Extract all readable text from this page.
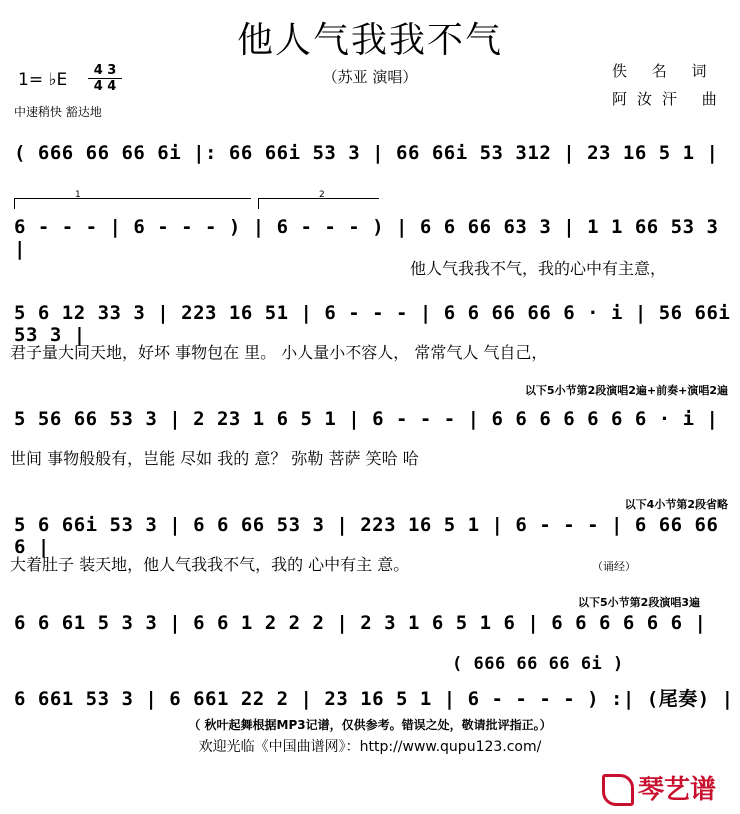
他人气我我不气
（苏亚 演唱）
1= ♭E	4 3
4 4
中速稍快 豁达地
佚 名 词
阿汝汗 曲
( 666 66 66 6i |: 66 66i 53 3 | 66 66i 53 312 | 23 16 5 1 |
1	2
6 - - - | 6 - - - ) | 6 - - - ) | 6 6 66 63 3 | 1 1 66 53 3 |
他人气我我不气，我的心中有主意，
5 6 12 33 3 | 223 16 51 | 6 - - - | 6 6 66 66 6 · i | 56 66i 53 3 |
君子量大同天地，好坏 事物包在 里。 小人量小不容人， 常常气人 气自己，
以下5小节第2段演唱2遍+前奏+演唱2遍
5 56 66 53 3 | 2 23 1 6 5 1 | 6 - - - | 6 6 6 6 6 6 6 · i |
世间 事物般般有，岂能 尽如 我的 意？ 弥勒 菩萨 笑哈 哈
以下4小节第2段省略
5 6 66i 53 3 | 6 6 66 53 3 | 223 16 5 1 | 6 - - - | 6 66 66 6 |
大着肚子 装天地，他人气我我不气，我的 心中有主 意。	（诵经）
以下5小节第2段演唱3遍
6 6 61 5 3 3 | 6 6 1 2 2 2 | 2 3 1 6 5 1 6 | 6 6 6 6 6 6 |
( 666 66 66 6i )
6 661 53 3 | 6 661 22 2 | 23 16 5 1 | 6 - - - - ) :| (尾奏) |
（ 秋叶起舞根据MP3记谱，仅供参考。错误之处，敬请批评指正。）
欢迎光临《中国曲谱网》：http://www.qupu123.com/
琴艺谱
